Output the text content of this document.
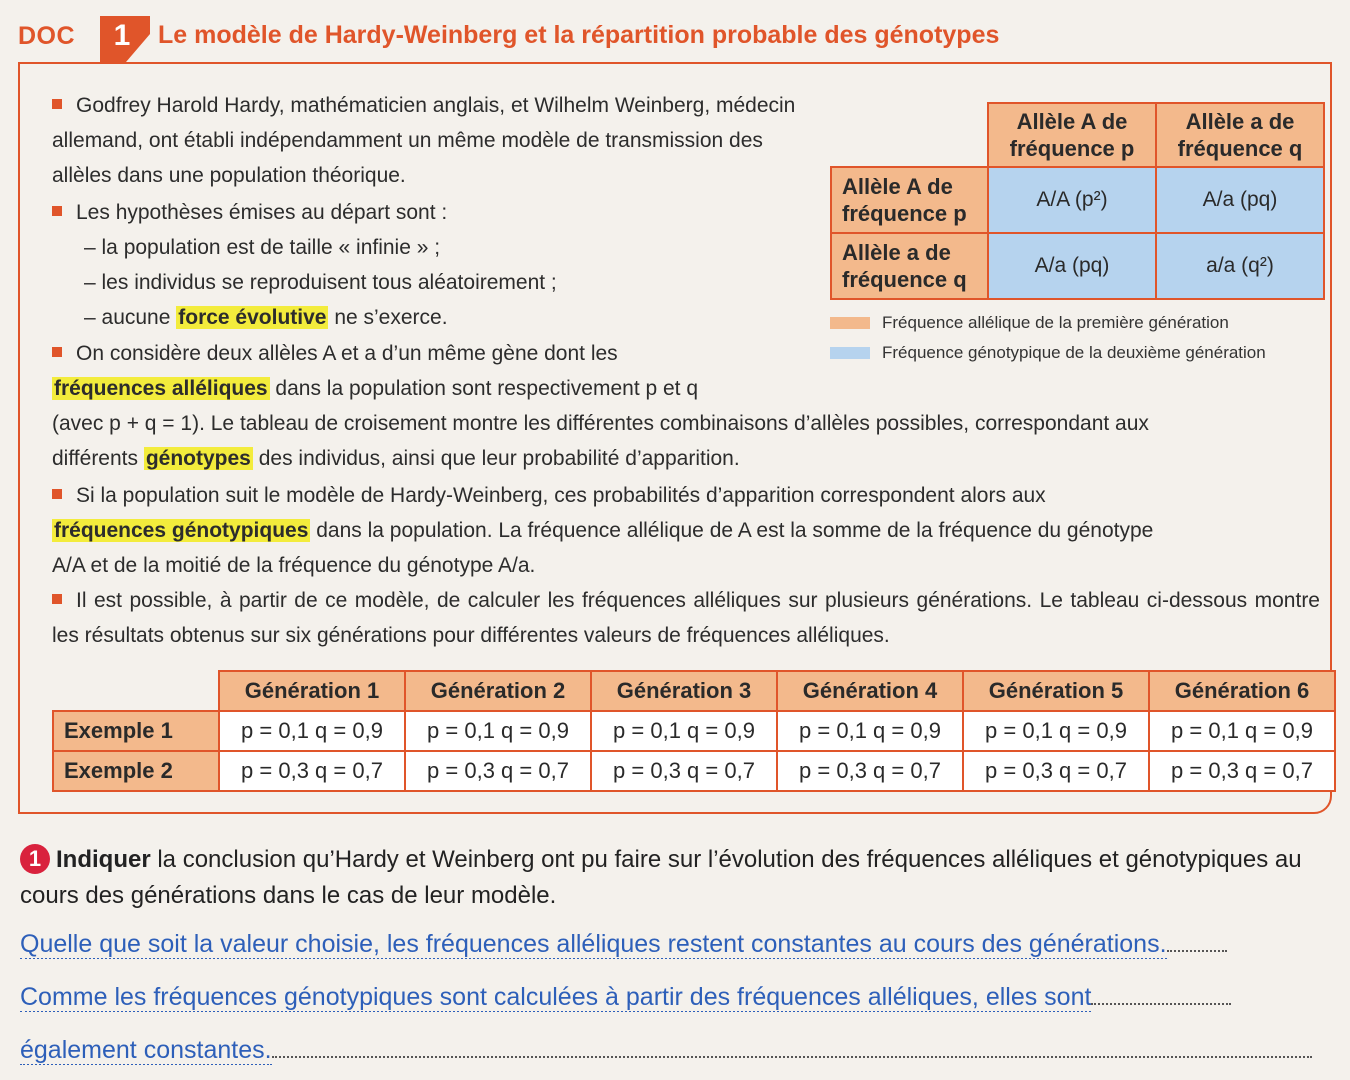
DOC	1	Le modèle de Hardy-Weinberg et la répartition probable des génotypes
Godfrey Harold Hardy, mathématicien anglais, et Wilhelm Weinberg, médecin allemand, ont établi indépendamment un même modèle de transmission des allèles dans une population théorique.
Les hypothèses émises au départ sont :
– la population est de taille « infinie » ;
– les individus se reproduisent tous aléatoirement ;
– aucune force évolutive ne s’exerce.
On considère deux allèles A et a d’un même gène dont les
fréquences alléliques dans la population sont respectivement p et q
(avec p + q = 1). Le tableau de croisement montre les différentes combinaisons d’allèles possibles, correspondant aux
différents génotypes des individus, ainsi que leur probabilité d’apparition.
Si la population suit le modèle de Hardy-Weinberg, ces probabilités d’apparition correspondent alors aux
fréquences génotypiques dans la population. La fréquence allélique de A est la somme de la fréquence du génotype
A/A et de la moitié de la fréquence du génotype A/a.
Il est possible, à partir de ce modèle, de calculer les fréquences alléliques sur plusieurs générations. Le tableau ci-dessous montre les résultats obtenus sur six générations pour différentes valeurs de fréquences alléliques.
	Allèle A de fréquence p	Allèle a de fréquence q
Allèle A de fréquence p	A/A (p²)	A/a (pq)
Allèle a de fréquence q	A/a (pq)	a/a (q²)
Fréquence allélique de la première génération
Fréquence génotypique de la deuxième génération
	Génération 1	Génération 2	Génération 3	Génération 4	Génération 5	Génération 6
Exemple 1	p = 0,1 q = 0,9	p = 0,1 q = 0,9	p = 0,1 q = 0,9	p = 0,1 q = 0,9	p = 0,1 q = 0,9	p = 0,1 q = 0,9
Exemple 2	p = 0,3 q = 0,7	p = 0,3 q = 0,7	p = 0,3 q = 0,7	p = 0,3 q = 0,7	p = 0,3 q = 0,7	p = 0,3 q = 0,7
1 Indiquer la conclusion qu’Hardy et Weinberg ont pu faire sur l’évolution des fréquences alléliques et génotypiques au cours des générations dans le cas de leur modèle.
Quelle que soit la valeur choisie, les fréquences alléliques restent constantes au cours des générations.
Comme les fréquences génotypiques sont calculées à partir des fréquences alléliques, elles sont
également constantes.
